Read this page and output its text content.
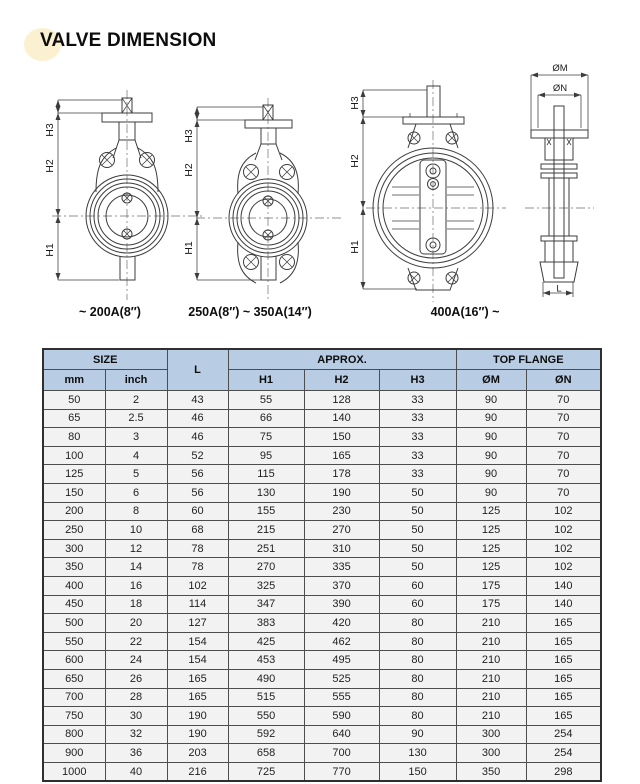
VALVE DIMENSION
H3
H2
H1
H3
H2
H1
H3
H2
H1
ØM
ØN
L
~ 200A(8″)	250A(8″) ~ 350A(14″)	400A(16″) ~
SIZE		L	APPROX.			TOP FLANGE	
mm	inch		H1	H2	H3	ØM	ØN
50	2	43	55	128	33	90	70
65	2.5	46	66	140	33	90	70
80	3	46	75	150	33	90	70
100	4	52	95	165	33	90	70
125	5	56	115	178	33	90	70
150	6	56	130	190	50	90	70
200	8	60	155	230	50	125	102
250	10	68	215	270	50	125	102
300	12	78	251	310	50	125	102
350	14	78	270	335	50	125	102
400	16	102	325	370	60	175	140
450	18	114	347	390	60	175	140
500	20	127	383	420	80	210	165
550	22	154	425	462	80	210	165
600	24	154	453	495	80	210	165
650	26	165	490	525	80	210	165
700	28	165	515	555	80	210	165
750	30	190	550	590	80	210	165
800	32	190	592	640	90	300	254
900	36	203	658	700	130	300	254
1000	40	216	725	770	150	350	298
